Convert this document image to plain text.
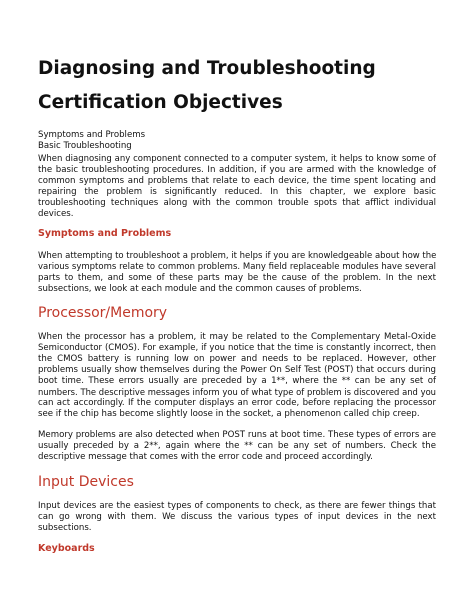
Diagnosing and Troubleshooting
Certification Objectives
Symptoms and Problems
Basic Troubleshooting

When diagnosing any component connected to a computer system, it helps to know some of
the basic troubleshooting procedures. In addition, if you are armed with the knowledge of
common symptoms and problems that relate to each device, the time spent locating and
repairing the problem is significantly reduced. In this chapter, we explore basic
troubleshooting techniques along with the common trouble spots that afflict individual
devices.

Symptoms and Problems

When attempting to troubleshoot a problem, it helps if you are knowledgeable about how the
various symptoms relate to common problems. Many field replaceable modules have several
parts to them, and some of these parts may be the cause of the problem. In the next
subsections, we look at each module and the common causes of problems.

Processor/Memory

When the processor has a problem, it may be related to the Complementary Metal-Oxide
Semiconductor (CMOS). For example, if you notice that the time is constantly incorrect, then
the CMOS battery is running low on power and needs to be replaced. However, other
problems usually show themselves during the Power On Self Test (POST) that occurs during
boot time. These errors usually are preceded by a 1**, where the ** can be any set of
numbers. The descriptive messages inform you of what type of problem is discovered and you
can act accordingly. If the computer displays an error code, before replacing the processor
see if the chip has become slightly loose in the socket, a phenomenon called chip creep.

Memory problems are also detected when POST runs at boot time. These types of errors are
usually preceded by a 2**, again where the ** can be any set of numbers. Check the
descriptive message that comes with the error code and proceed accordingly.

Input Devices

Input devices are the easiest types of components to check, as there are fewer things that
can go wrong with them. We discuss the various types of input devices in the next
subsections.

Keyboards
